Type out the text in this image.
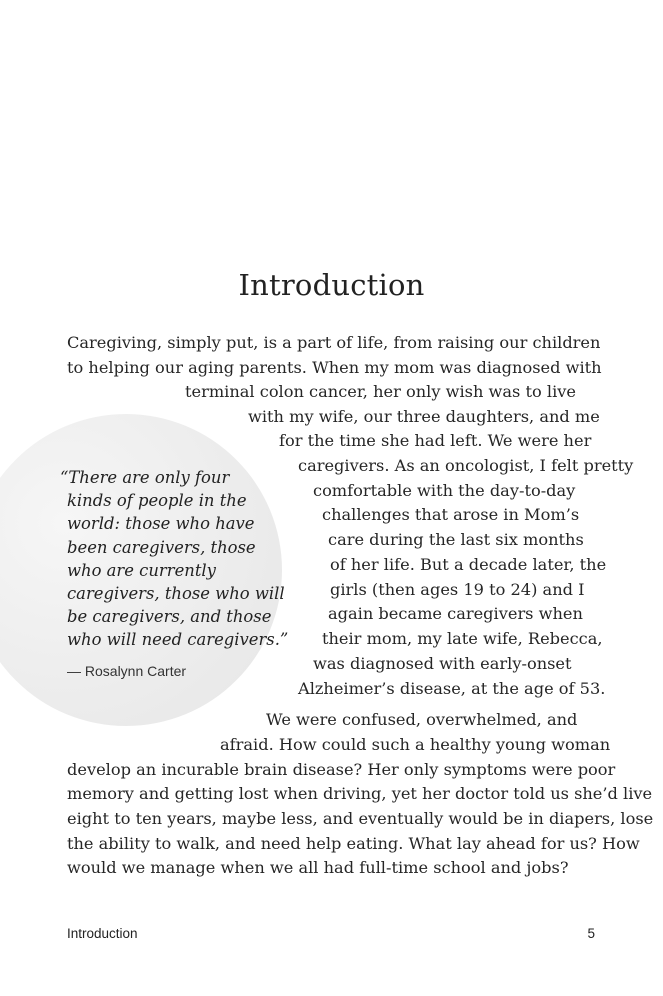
Introduction
Caregiving, simply put, is a part of life, from raising our children
to helping our aging parents. When my mom was diagnosed with
terminal colon cancer, her only wish was to live
with my wife, our three daughters, and me
for the time she had left. We were her
caregivers. As an oncologist, I felt pretty
comfortable with the day-to-day
challenges that arose in Mom’s
care during the last six months
of her life. But a decade later, the
girls (then ages 19 to 24) and I
again became caregivers when
their mom, my late wife, Rebecca,
was diagnosed with early-onset
Alzheimer’s disease, at the age of 53.
We were confused, overwhelmed, and
afraid. How could such a healthy young woman
develop an incurable brain disease? Her only symptoms were poor
memory and getting lost when driving, yet her doctor told us she’d live
eight to ten years, maybe less, and eventually would be in diapers, lose
the ability to walk, and need help eating. What lay ahead for us? How
would we manage when we all had full-time school and jobs?
“There are only four
kinds of people in the
world: those who have
been caregivers, those
who are currently
caregivers, those who will
be caregivers, and those
who will need caregivers.”
— Rosalynn Carter
Introduction	5
